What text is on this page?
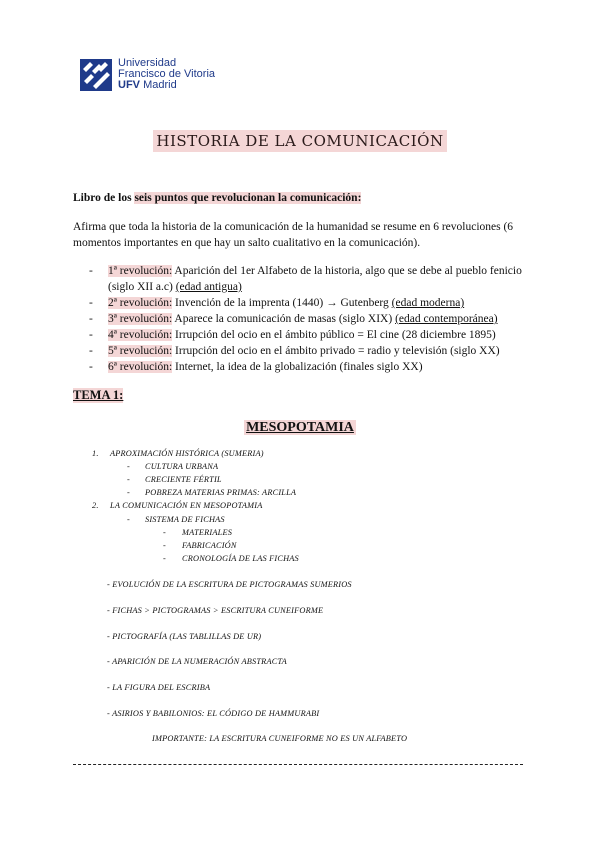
Universidad
Francisco de Vitoria
UFV Madrid
HISTORIA DE LA COMUNICACIÓN
Libro de los seis puntos que revolucionan la comunicación:
Afirma que toda la historia de la comunicación de la humanidad se resume en 6 revoluciones (6 momentos importantes en que hay un salto cualitativo en la comunicación).
- 1ª revolución: Aparición del 1er Alfabeto de la historia, algo que se debe al pueblo fenicio (siglo XII a.c) (edad antigua)
- 2ª revolución: Invención de la imprenta (1440) → Gutenberg (edad moderna)
- 3ª revolución: Aparece la comunicación de masas (siglo XIX) (edad contemporánea)
- 4ª revolución: Irrupción del ocio en el ámbito público = El cine (28 diciembre 1895)
- 5ª revolución: Irrupción del ocio en el ámbito privado = radio y televisión (siglo XX)
- 6ª revolución: Internet, la idea de la globalización (finales siglo XX)
TEMA 1:
MESOPOTAMIA
1. APROXIMACIÓN HISTÓRICA (SUMERIA)
- CULTURA URBANA
- CRECIENTE FÉRTIL
- POBREZA MATERIAS PRIMAS: ARCILLA
2. LA COMUNICACIÓN EN MESOPOTAMIA
- SISTEMA DE FICHAS
- MATERIALES
- FABRICACIÓN
- CRONOLOGÍA DE LAS FICHAS
- EVOLUCIÓN DE LA ESCRITURA DE PICTOGRAMAS SUMERIOS
- FICHAS > PICTOGRAMAS > ESCRITURA CUNEIFORME
- PICTOGRAFÍA (LAS TABLILLAS DE UR)
- APARICIÓN DE LA NUMERACIÓN ABSTRACTA
- LA FIGURA DEL ESCRIBA
- ASIRIOS Y BABILONIOS: EL CÓDIGO DE HAMMURABI
IMPORTANTE: LA ESCRITURA CUNEIFORME NO ES UN ALFABETO
